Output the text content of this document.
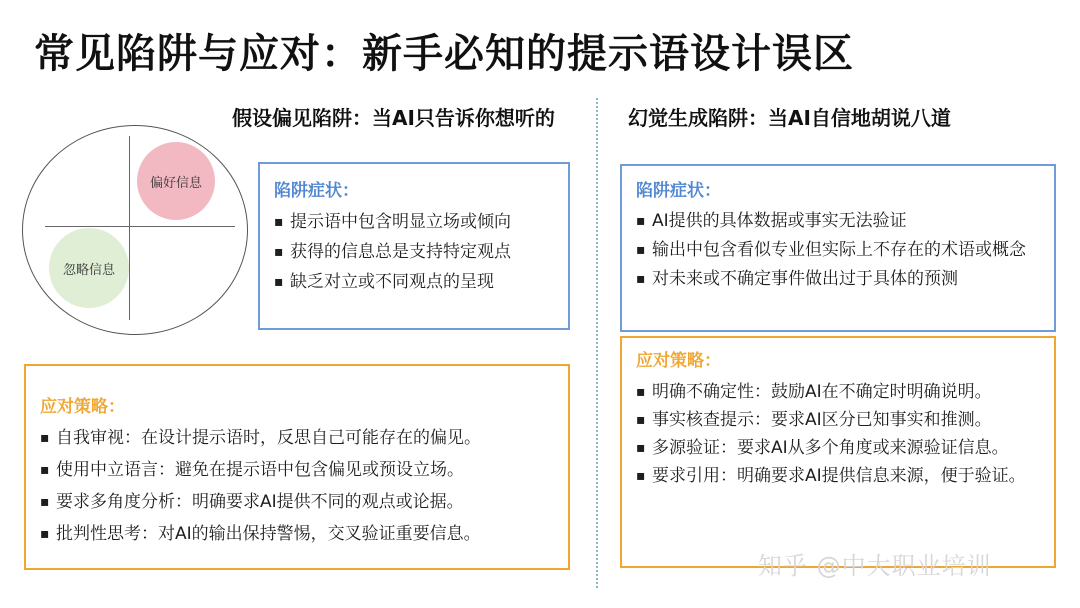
常见陷阱与应对：新手必知的提示语设计误区
假设偏见陷阱：当AI只告诉你想听的	幻觉生成陷阱：当AI自信地胡说八道
偏好信息
忽略信息
陷阱症状：
▪ 提示语中包含明显立场或倾向
▪ 获得的信息总是支持特定观点
▪ 缺乏对立或不同观点的呈现
应对策略：
▪ 自我审视：在设计提示语时，反思自己可能存在的偏见。
▪ 使用中立语言：避免在提示语中包含偏见或预设立场。
▪ 要求多角度分析：明确要求AI提供不同的观点或论据。
▪ 批判性思考：对AI的输出保持警惕，交叉验证重要信息。
陷阱症状：
▪ AI提供的具体数据或事实无法验证
▪ 输出中包含看似专业但实际上不存在的术语或概念
▪ 对未来或不确定事件做出过于具体的预测
应对策略：
▪ 明确不确定性：鼓励AI在不确定时明确说明。
▪ 事实核查提示：要求AI区分已知事实和推测。
▪ 多源验证：要求AI从多个角度或来源验证信息。
▪ 要求引用：明确要求AI提供信息来源，便于验证。
知乎 @中大职业培训
